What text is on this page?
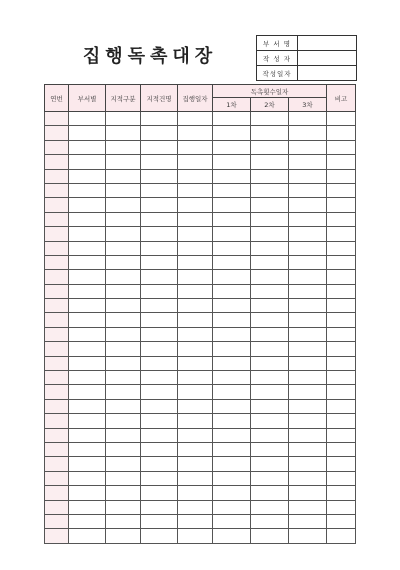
집행독촉대장
부 서 명	
작 성 자	
작성일자	
연번	부서별	지적구분	지적건명	집행일자	독촉횟수일자			비고
					1차	2차	3차	
